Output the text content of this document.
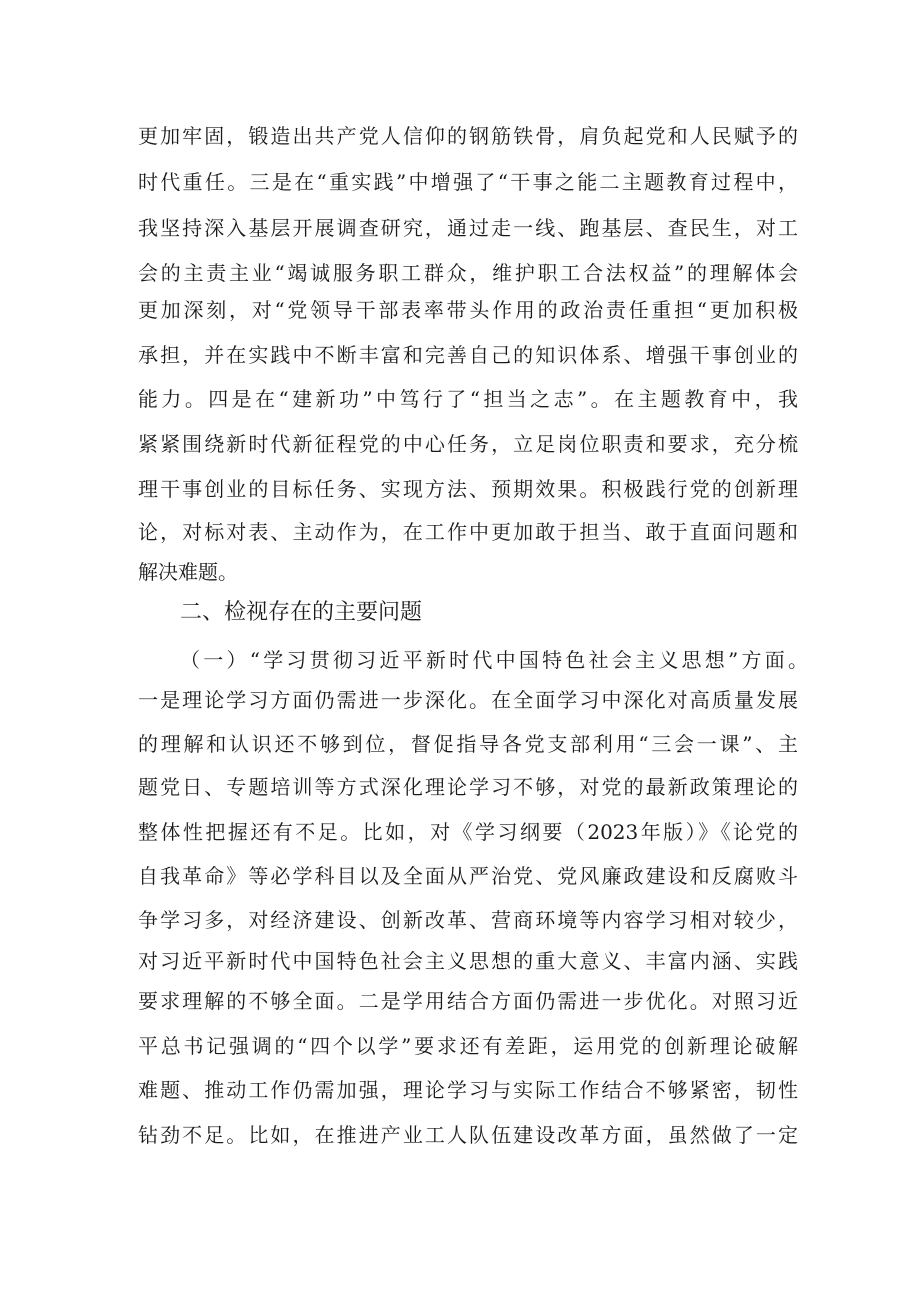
更加牢固，锻造出共产党人信仰的钢筋铁骨，肩负起党和人民赋予的
时代重任。三是在“重实践”中增强了“干事之能二主题教育过程中，
我坚持深入基层开展调查研究，通过走一线、跑基层、查民生，对工
会的主责主业“竭诚服务职工群众，维护职工合法权益”的理解体会
更加深刻，对“党领导干部表率带头作用的政治责任重担“更加积极
承担，并在实践中不断丰富和完善自己的知识体系、增强干事创业的
能力。四是在“建新功”中笃行了“担当之志”。在主题教育中，我
紧紧围绕新时代新征程党的中心任务，立足岗位职责和要求，充分梳
理干事创业的目标任务、实现方法、预期效果。积极践行党的创新理
论，对标对表、主动作为，在工作中更加敢于担当、敢于直面问题和
解决难题。
二、检视存在的主要问题
（一）“学习贯彻习近平新时代中国特色社会主义思想”方面。
一是理论学习方面仍需进一步深化。在全面学习中深化对高质量发展
的理解和认识还不够到位，督促指导各党支部利用“三会一课”、主
题党日、专题培训等方式深化理论学习不够，对党的最新政策理论的
整体性把握还有不足。比如，对《学习纲要（2023年版）》《论党的
自我革命》等必学科目以及全面从严治党、党风廉政建设和反腐败斗
争学习多，对经济建设、创新改革、营商环境等内容学习相对较少，
对习近平新时代中国特色社会主义思想的重大意义、丰富内涵、实践
要求理解的不够全面。二是学用结合方面仍需进一步优化。对照习近
平总书记强调的“四个以学”要求还有差距，运用党的创新理论破解
难题、推动工作仍需加强，理论学习与实际工作结合不够紧密，韧性
钻劲不足。比如，在推进产业工人队伍建设改革方面，虽然做了一定
